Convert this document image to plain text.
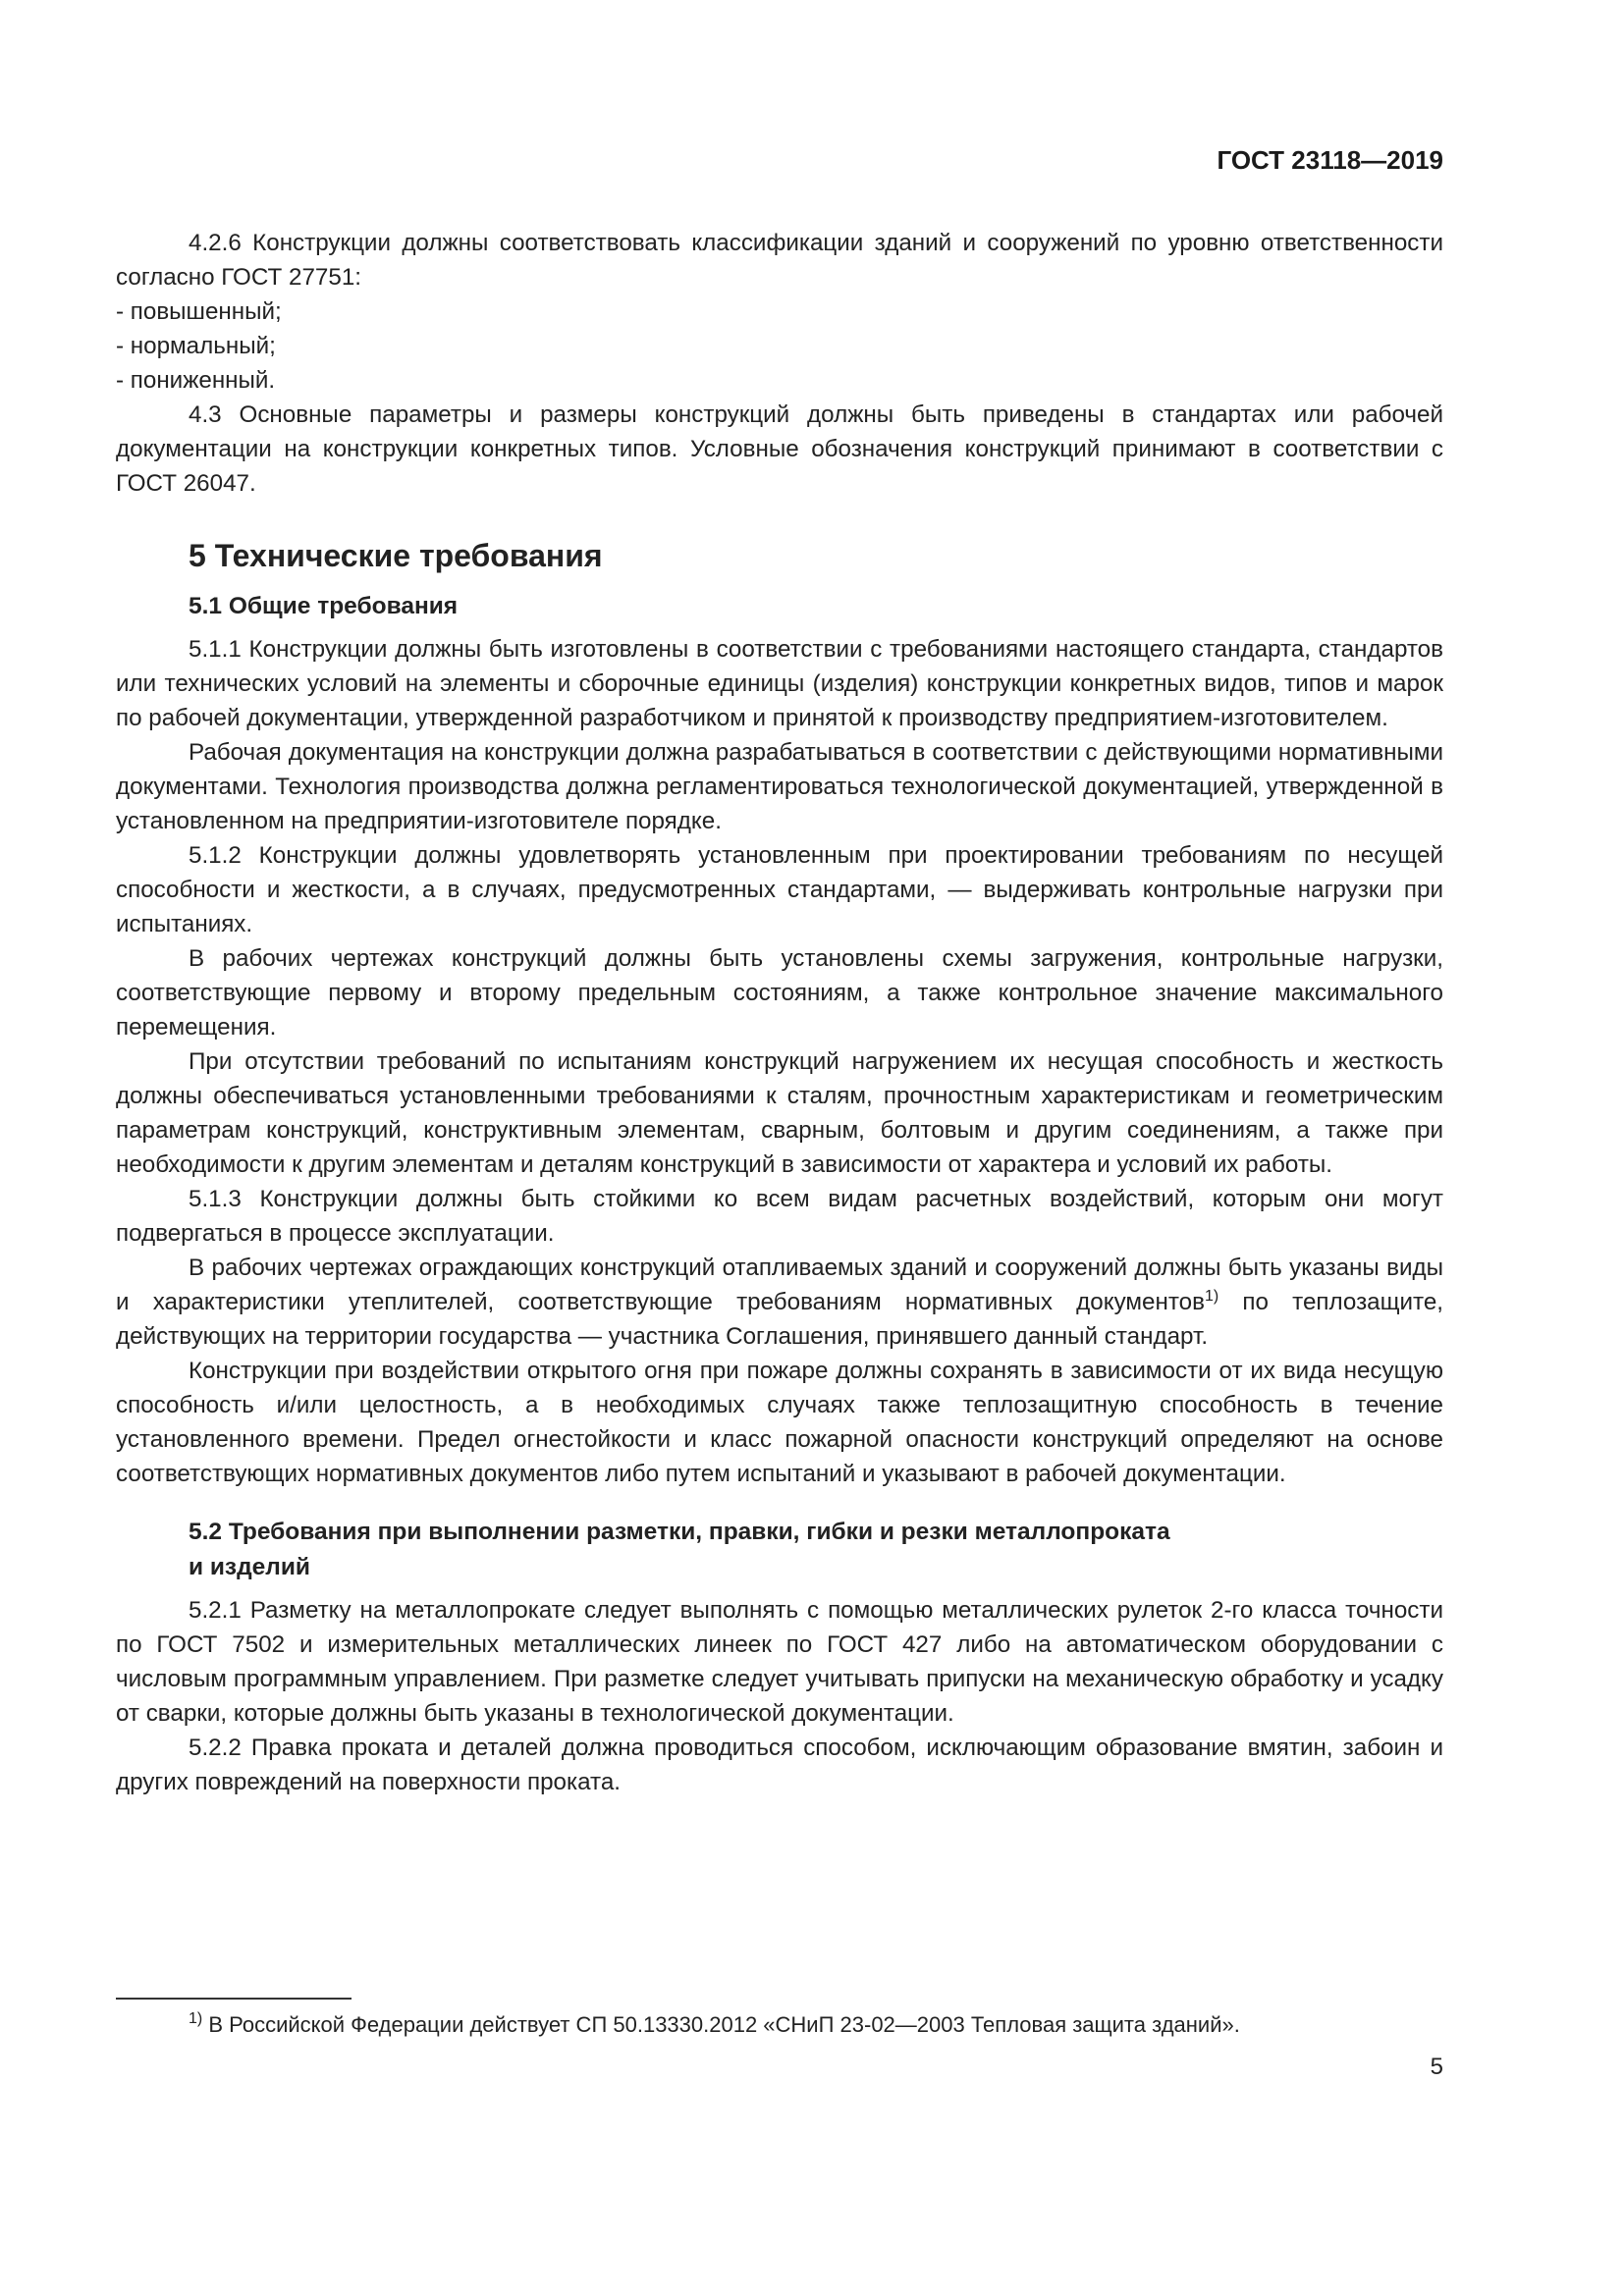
ГОСТ 23118—2019

4.2.6 Конструкции должны соответствовать классификации зданий и сооружений по уровню ответственности согласно ГОСТ 27751:

- повышенный;

- нормальный;

- пониженный.

4.3 Основные параметры и размеры конструкций должны быть приведены в стандартах или рабочей документации на конструкции конкретных типов. Условные обозначения конструкций принимают в соответствии с ГОСТ 26047.

5 Технические требования
5.1 Общие требования

5.1.1 Конструкции должны быть изготовлены в соответствии с требованиями настоящего стандарта, стандартов или технических условий на элементы и сборочные единицы (изделия) конструкции конкретных видов, типов и марок по рабочей документации, утвержденной разработчиком и принятой к производству предприятием-изготовителем.

Рабочая документация на конструкции должна разрабатываться в соответствии с действующими нормативными документами. Технология производства должна регламентироваться технологической документацией, утвержденной в установленном на предприятии-изготовителе порядке.

5.1.2 Конструкции должны удовлетворять установленным при проектировании требованиям по несущей способности и жесткости, а в случаях, предусмотренных стандартами, — выдерживать контрольные нагрузки при испытаниях.

В рабочих чертежах конструкций должны быть установлены схемы загружения, контрольные нагрузки, соответствующие первому и второму предельным состояниям, а также контрольное значение максимального перемещения.

При отсутствии требований по испытаниям конструкций нагружением их несущая способность и жесткость должны обеспечиваться установленными требованиями к сталям, прочностным характеристикам и геометрическим параметрам конструкций, конструктивным элементам, сварным, болтовым и другим соединениям, а также при необходимости к другим элементам и деталям конструкций в зависимости от характера и условий их работы.

5.1.3 Конструкции должны быть стойкими ко всем видам расчетных воздействий, которым они могут подвергаться в процессе эксплуатации.

В рабочих чертежах ограждающих конструкций отапливаемых зданий и сооружений должны быть указаны виды и характеристики утеплителей, соответствующие требованиям нормативных документов$^{1)}$ по теплозащите, действующих на территории государства — участника Соглашения, принявшего данный стандарт.

Конструкции при воздействии открытого огня при пожаре должны сохранять в зависимости от их вида несущую способность и/или целостность, а в необходимых случаях также теплозащитную способность в течение установленного времени. Предел огнестойкости и класс пожарной опасности конструкций определяют на основе соответствующих нормативных документов либо путем испытаний и указывают в рабочей документации.

5.2 Требования при выполнении разметки, правки, гибки и резки металлопроката
и изделий

5.2.1 Разметку на металлопрокате следует выполнять с помощью металлических рулеток 2-го класса точности по ГОСТ 7502 и измерительных металлических линеек по ГОСТ 427 либо на автоматическом оборудовании с числовым программным управлением. При разметке следует учитывать припуски на механическую обработку и усадку от сварки, которые должны быть указаны в технологической документации.

5.2.2 Правка проката и деталей должна проводиться способом, исключающим образование вмятин, забоин и других повреждений на поверхности проката.

$^{1)}$ В Российской Федерации действует СП 50.13330.2012 «СНиП 23-02—2003 Тепловая защита зданий».
5
